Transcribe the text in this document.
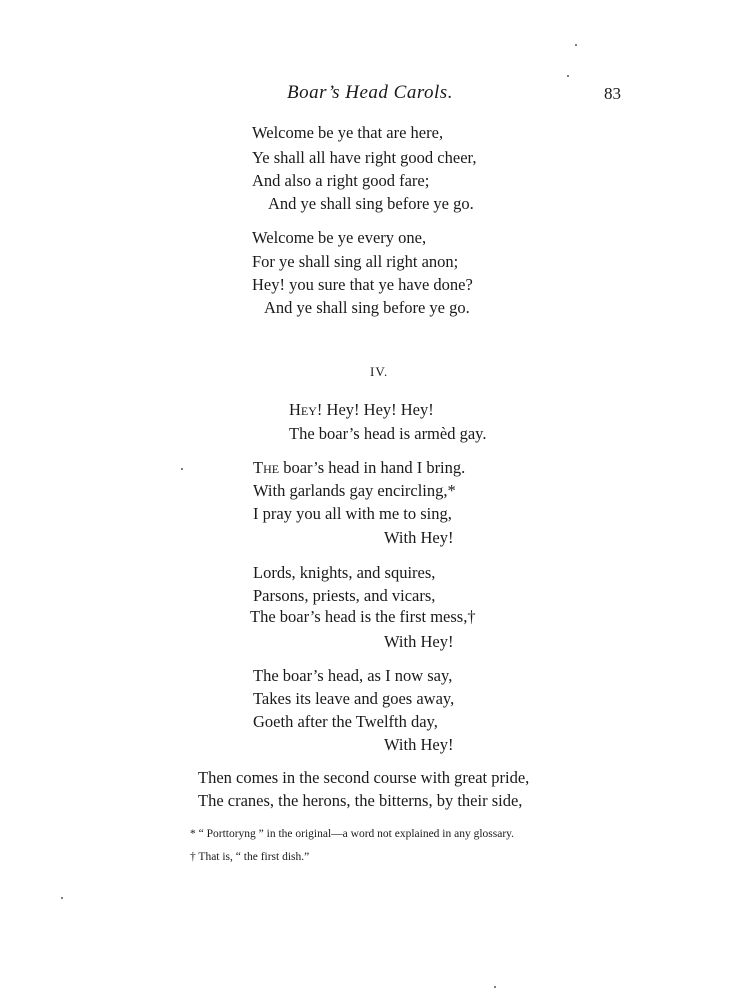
Boar’s Head Carols.	83
Welcome be ye that are here,
Ye shall all have right good cheer,
And also a right good fare;
And ye shall sing before ye go.
Welcome be ye every one,
For ye shall sing all right anon;
Hey! you sure that ye have done?
And ye shall sing before ye go.
IV.
Hey! Hey! Hey! Hey!
The boar’s head is armèd gay.
The boar’s head in hand I bring.
With garlands gay encircling,*
I pray you all with me to sing,
With Hey!
Lords, knights, and squires,
Parsons, priests, and vicars,
The boar’s head is the first mess,†
With Hey!
The boar’s head, as I now say,
Takes its leave and goes away,
Goeth after the Twelfth day,
With Hey!
Then comes in the second course with great pride,
The cranes, the herons, the bitterns, by their side,
* “ Porttoryng ” in the original—a word not explained in any glossary.
† That is, “ the first dish.”
